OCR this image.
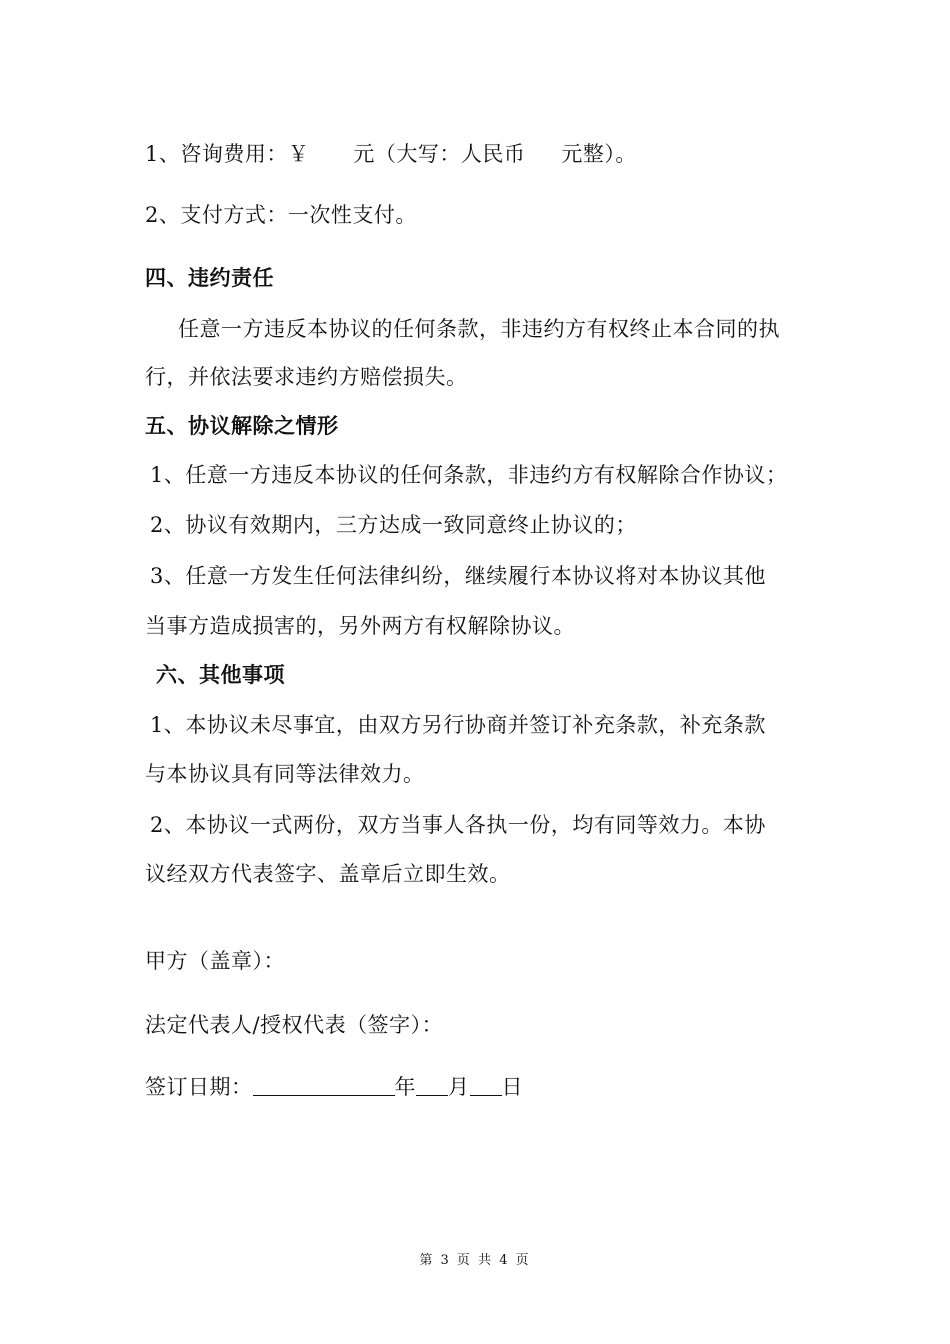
1、咨询费用：￥ 元（大写：人民币 元整）。
2、支付方式：一次性支付。
四、违约责任
任意一方违反本协议的任何条款，非违约方有权终止本合同的执
行，并依法要求违约方赔偿损失。
五、协议解除之情形
1、任意一方违反本协议的任何条款，非违约方有权解除合作协议；
2、协议有效期内，三方达成一致同意终止协议的；
3、任意一方发生任何法律纠纷，继续履行本协议将对本协议其他
当事方造成损害的，另外两方有权解除协议。
六、其他事项
1、本协议未尽事宜，由双方另行协商并签订补充条款，补充条款
与本协议具有同等法律效力。
2、本协议一式两份，双方当事人各执一份，均有同等效力。本协
议经双方代表签字、盖章后立即生效。
甲方（盖章）：
法定代表人/授权代表（签字）：
签订日期：	年 月 日
第 3 页 共 4 页
